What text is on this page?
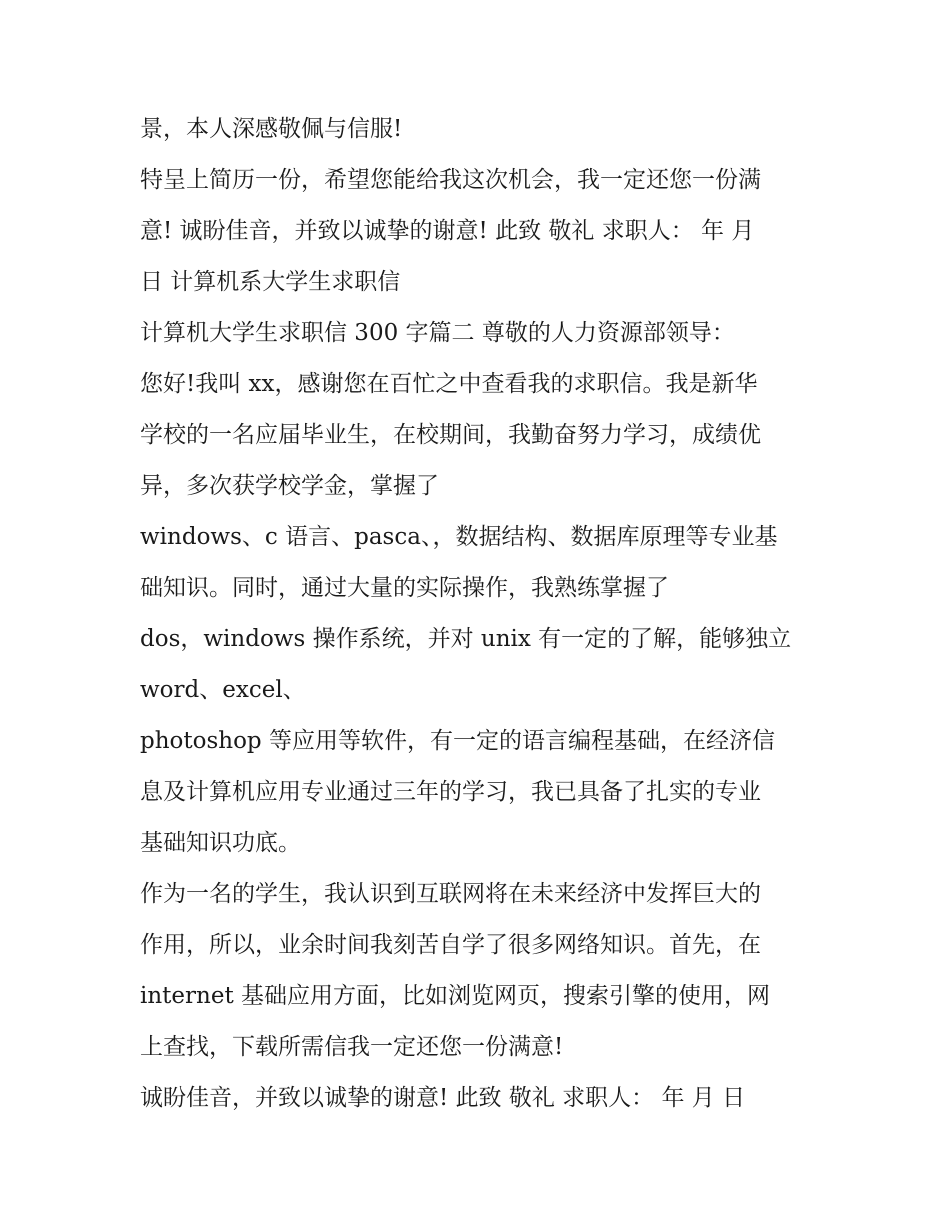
景，本人深感敬佩与信服!
特呈上简历一份，希望您能给我这次机会，我一定还您一份满
意! 诚盼佳音，并致以诚挚的谢意! 此致 敬礼 求职人： 年 月
日 计算机系大学生求职信
计算机大学生求职信 300 字篇二 尊敬的人力资源部领导：
您好!我叫 xx，感谢您在百忙之中查看我的求职信。我是新华
学校的一名应届毕业生，在校期间，我勤奋努力学习，成绩优
异，多次获学校学金，掌握了
windows、c 语言、pasca、，数据结构、数据库原理等专业基
础知识。同时，通过大量的实际操作，我熟练掌握了
dos，windows 操作系统，并对 unix 有一定的了解，能够独立
word、excel、
photoshop 等应用等软件，有一定的语言编程基础，在经济信
息及计算机应用专业通过三年的学习，我已具备了扎实的专业
基础知识功底。
作为一名的学生，我认识到互联网将在未来经济中发挥巨大的
作用，所以，业余时间我刻苦自学了很多网络知识。首先，在
internet 基础应用方面，比如浏览网页，搜索引擎的使用，网
上查找，下载所需信我一定还您一份满意!
诚盼佳音，并致以诚挚的谢意! 此致 敬礼 求职人： 年 月 日
